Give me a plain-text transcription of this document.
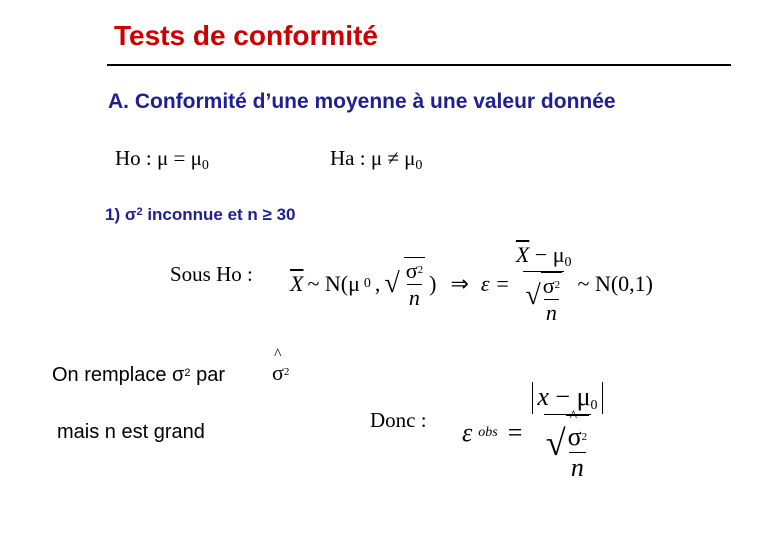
Tests de conformité
A. Conformité d’une moyenne à une valeur donnée
Ho : $\mu = \mu_0$	Ha : $\mu \ne \mu_0$
1) $\sigma^2$ inconnue et n ≥ 30
Sous Ho : $\overline{X}$ ~ N(μ 0 , √ $\frac{\sigma^2}{n}$ ) ⇒ $\varepsilon = \frac{\overline{X} - \mu_0}{√ \frac{\sigma^2}{n}}$ ~ N(0,1)
On remplace $\sigma^2$ par ^ $\sigma^2$
mais n est grand	Donc : ε obs = $\frac{x - \mu_0}{√ \^{} \frac{\sigma^2}{n}}$
